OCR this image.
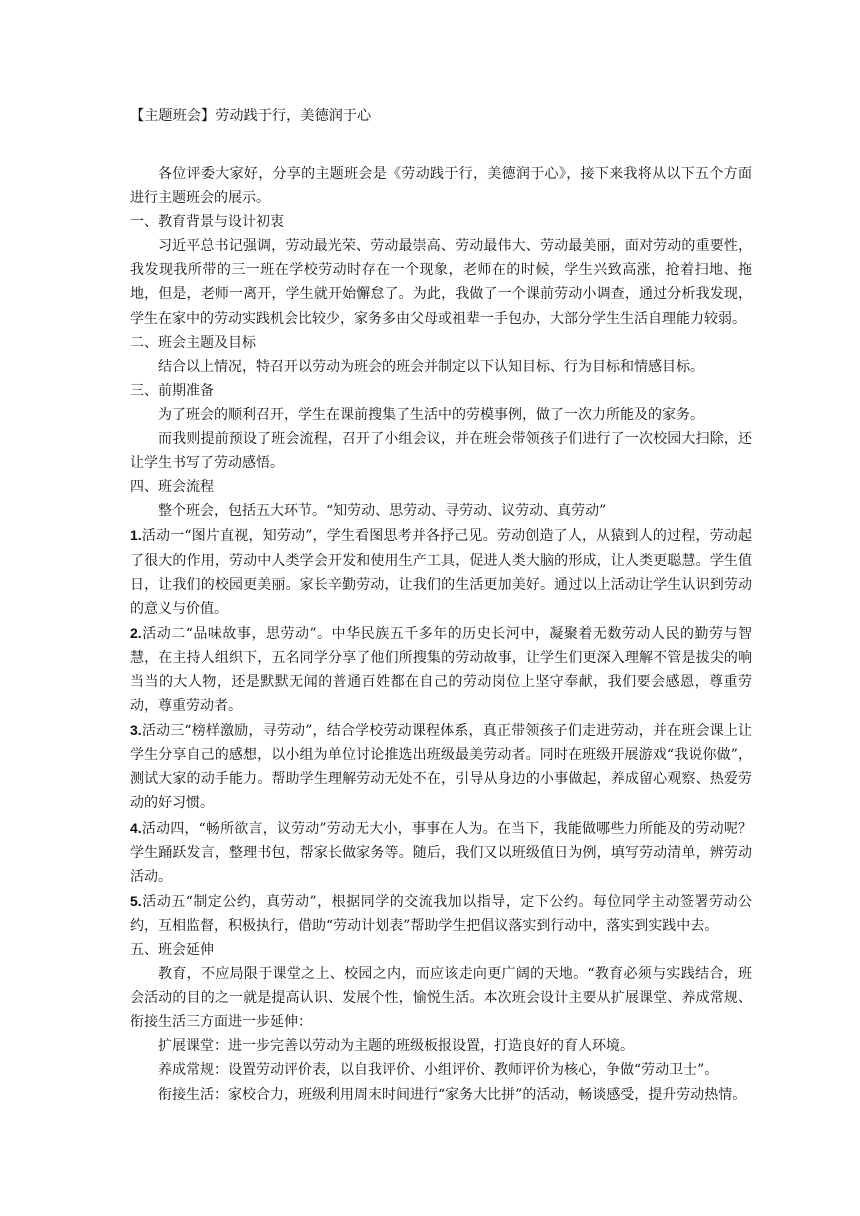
【主题班会】劳动践于行，美德润于心
各位评委大家好，分享的主题班会是《劳动践于行，美德润于心》，接下来我将从以下五个方面进行主题班会的展示。
一、教育背景与设计初衷
习近平总书记强调，劳动最光荣、劳动最崇高、劳动最伟大、劳动最美丽，面对劳动的重要性，我发现我所带的三一班在学校劳动时存在一个现象，老师在的时候，学生兴致高涨，抢着扫地、拖地，但是，老师一离开，学生就开始懈怠了。为此，我做了一个课前劳动小调查，通过分析我发现，学生在家中的劳动实践机会比较少，家务多由父母或祖辈一手包办，大部分学生生活自理能力较弱。
二、班会主题及目标
结合以上情况，特召开以劳动为班会的班会并制定以下认知目标、行为目标和情感目标。
三、前期准备
为了班会的顺利召开，学生在课前搜集了生活中的劳模事例，做了一次力所能及的家务。
而我则提前预设了班会流程，召开了小组会议，并在班会带领孩子们进行了一次校园大扫除，还让学生书写了劳动感悟。
四、班会流程
整个班会，包括五大环节。“知劳动、思劳动、寻劳动、议劳动、真劳动”
1.活动一“图片直视，知劳动”，学生看图思考并各抒己见。劳动创造了人，从猿到人的过程，劳动起了很大的作用，劳动中人类学会开发和使用生产工具，促进人类大脑的形成，让人类更聪慧。学生值日，让我们的校园更美丽。家长辛勤劳动，让我们的生活更加美好。通过以上活动让学生认识到劳动的意义与价值。
2.活动二“品味故事，思劳动”。中华民族五千多年的历史长河中，凝聚着无数劳动人民的勤劳与智慧，在主持人组织下，五名同学分享了他们所搜集的劳动故事，让学生们更深入理解不管是拔尖的响当当的大人物，还是默默无闻的普通百姓都在自己的劳动岗位上坚守奉献，我们要会感恩，尊重劳动，尊重劳动者。
3.活动三“榜样激励，寻劳动”，结合学校劳动课程体系，真正带领孩子们走进劳动，并在班会课上让学生分享自己的感想，以小组为单位讨论推选出班级最美劳动者。同时在班级开展游戏“我说你做”，测试大家的动手能力。帮助学生理解劳动无处不在，引导从身边的小事做起，养成留心观察、热爱劳动的好习惯。
4.活动四，“畅所欲言，议劳动”劳动无大小，事事在人为。在当下，我能做哪些力所能及的劳动呢？学生踊跃发言，整理书包，帮家长做家务等。随后，我们又以班级值日为例，填写劳动清单，辨劳动活动。
5.活动五“制定公约，真劳动”，根据同学的交流我加以指导，定下公约。每位同学主动签署劳动公约，互相监督，积极执行，借助“劳动计划表”帮助学生把倡议落实到行动中，落实到实践中去。
五、班会延伸
教育，不应局限于课堂之上、校园之内，而应该走向更广阔的天地。“教育必须与实践结合，班会活动的目的之一就是提高认识、发展个性，愉悦生活。本次班会设计主要从扩展课堂、养成常规、衔接生活三方面进一步延伸：
扩展课堂：进一步完善以劳动为主题的班级板报设置，打造良好的育人环境。
养成常规：设置劳动评价表，以自我评价、小组评价、教师评价为核心，争做“劳动卫士”。
衔接生活：家校合力，班级利用周末时间进行“家务大比拼”的活动，畅谈感受，提升劳动热情。
